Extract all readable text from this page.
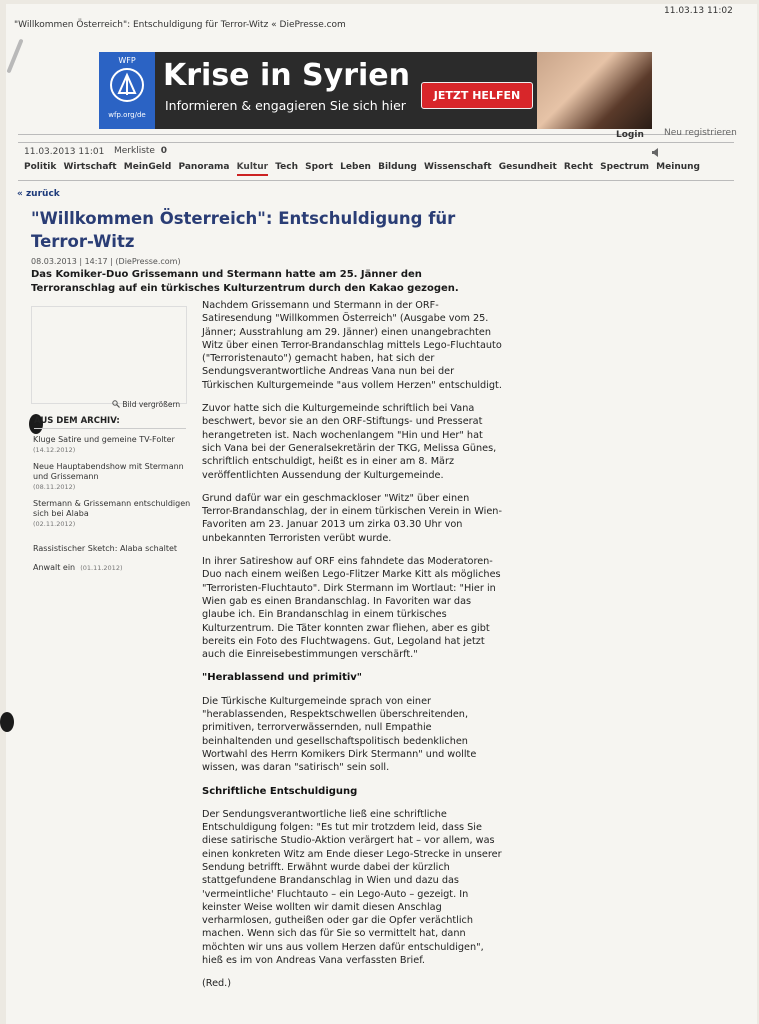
"Willkommen Österreich": Entschuldigung für Terror-Witz « DiePresse.com
11.03.13 11:02
WFP
wfp.org/de
Krise in Syrien
Informieren & engagieren Sie sich hier
JETZT HELFEN
Login Neu registrieren
11.03.2013 11:01 Merkliste 0
Politik Wirtschaft MeinGeld Panorama Kultur Tech Sport Leben Bildung Wissenschaft Gesundheit Recht Spectrum Meinung
« zurück
"Willkommen Österreich": Entschuldigung für Terror-Witz
08.03.2013 | 14:17 | (DiePresse.com)
Das Komiker-Duo Grissemann und Stermann hatte am 25. Jänner den Terroranschlag auf ein türkisches Kulturzentrum durch den Kakao gezogen.
Bild vergrößern
AUS DEM ARCHIV:
Kluge Satire und gemeine TV-Folter
(14.12.2012)
Neue Hauptabendshow mit Stermann und Grissemann
(08.11.2012)
Stermann & Grissemann entschuldigen sich bei Alaba
(02.11.2012)
Rassistischer Sketch: Alaba schaltet Anwalt ein (01.11.2012)

Nachdem Grissemann und Stermann in der ORF-Satiresendung "Willkommen Österreich" (Ausgabe vom 25. Jänner; Ausstrahlung am 29. Jänner) einen unangebrachten Witz über einen Terror-Brandanschlag mittels Lego-Fluchtauto ("Terroristenauto") gemacht haben, hat sich der Sendungsverantwortliche Andreas Vana nun bei der Türkischen Kulturgemeinde "aus vollem Herzen" entschuldigt.

Zuvor hatte sich die Kulturgemeinde schriftlich bei Vana beschwert, bevor sie an den ORF-Stiftungs- und Presserat herangetreten ist. Nach wochenlangem "Hin und Her" hat sich Vana bei der Generalsekretärin der TKG, Melissa Günes, schriftlich entschuldigt, heißt es in einer am 8. März veröffentlichten Aussendung der Kulturgemeinde.

Grund dafür war ein geschmackloser "Witz" über einen Terror-Brandanschlag, der in einem türkischen Verein in Wien-Favoriten am 23. Januar 2013 um zirka 03.30 Uhr von unbekannten Terroristen verübt wurde.

In ihrer Satireshow auf ORF eins fahndete das Moderatoren-Duo nach einem weißen Lego-Flitzer Marke Kitt als mögliches "Terroristen-Fluchtauto". Dirk Stermann im Wortlaut: "Hier in Wien gab es einen Brandanschlag. In Favoriten war das glaube ich. Ein Brandanschlag in einem türkisches Kulturzentrum. Die Täter konnten zwar fliehen, aber es gibt bereits ein Foto des Fluchtwagens. Gut, Legoland hat jetzt auch die Einreisebestimmungen verschärft."

"Herablassend und primitiv"

Die Türkische Kulturgemeinde sprach von einer "herablassenden, Respektschwellen überschreitenden, primitiven, terrorverwässernden, null Empathie beinhaltenden und gesellschaftspolitisch bedenklichen Wortwahl des Herrn Komikers Dirk Stermann" und wollte wissen, was daran "satirisch" sein soll.

Schriftliche Entschuldigung

Der Sendungsverantwortliche ließ eine schriftliche Entschuldigung folgen: "Es tut mir trotzdem leid, dass Sie diese satirische Studio-Aktion verärgert hat – vor allem, was einen konkreten Witz am Ende dieser Lego-Strecke in unserer Sendung betrifft. Erwähnt wurde dabei der kürzlich stattgefundene Brandanschlag in Wien und dazu das 'vermeintliche' Fluchtauto – ein Lego-Auto – gezeigt. In keinster Weise wollten wir damit diesen Anschlag verharmlosen, gutheißen oder gar die Opfer verächtlich machen. Wenn sich das für Sie so vermittelt hat, dann möchten wir uns aus vollem Herzen dafür entschuldigen", hieß es im von Andreas Vana verfassten Brief.

(Red.)
